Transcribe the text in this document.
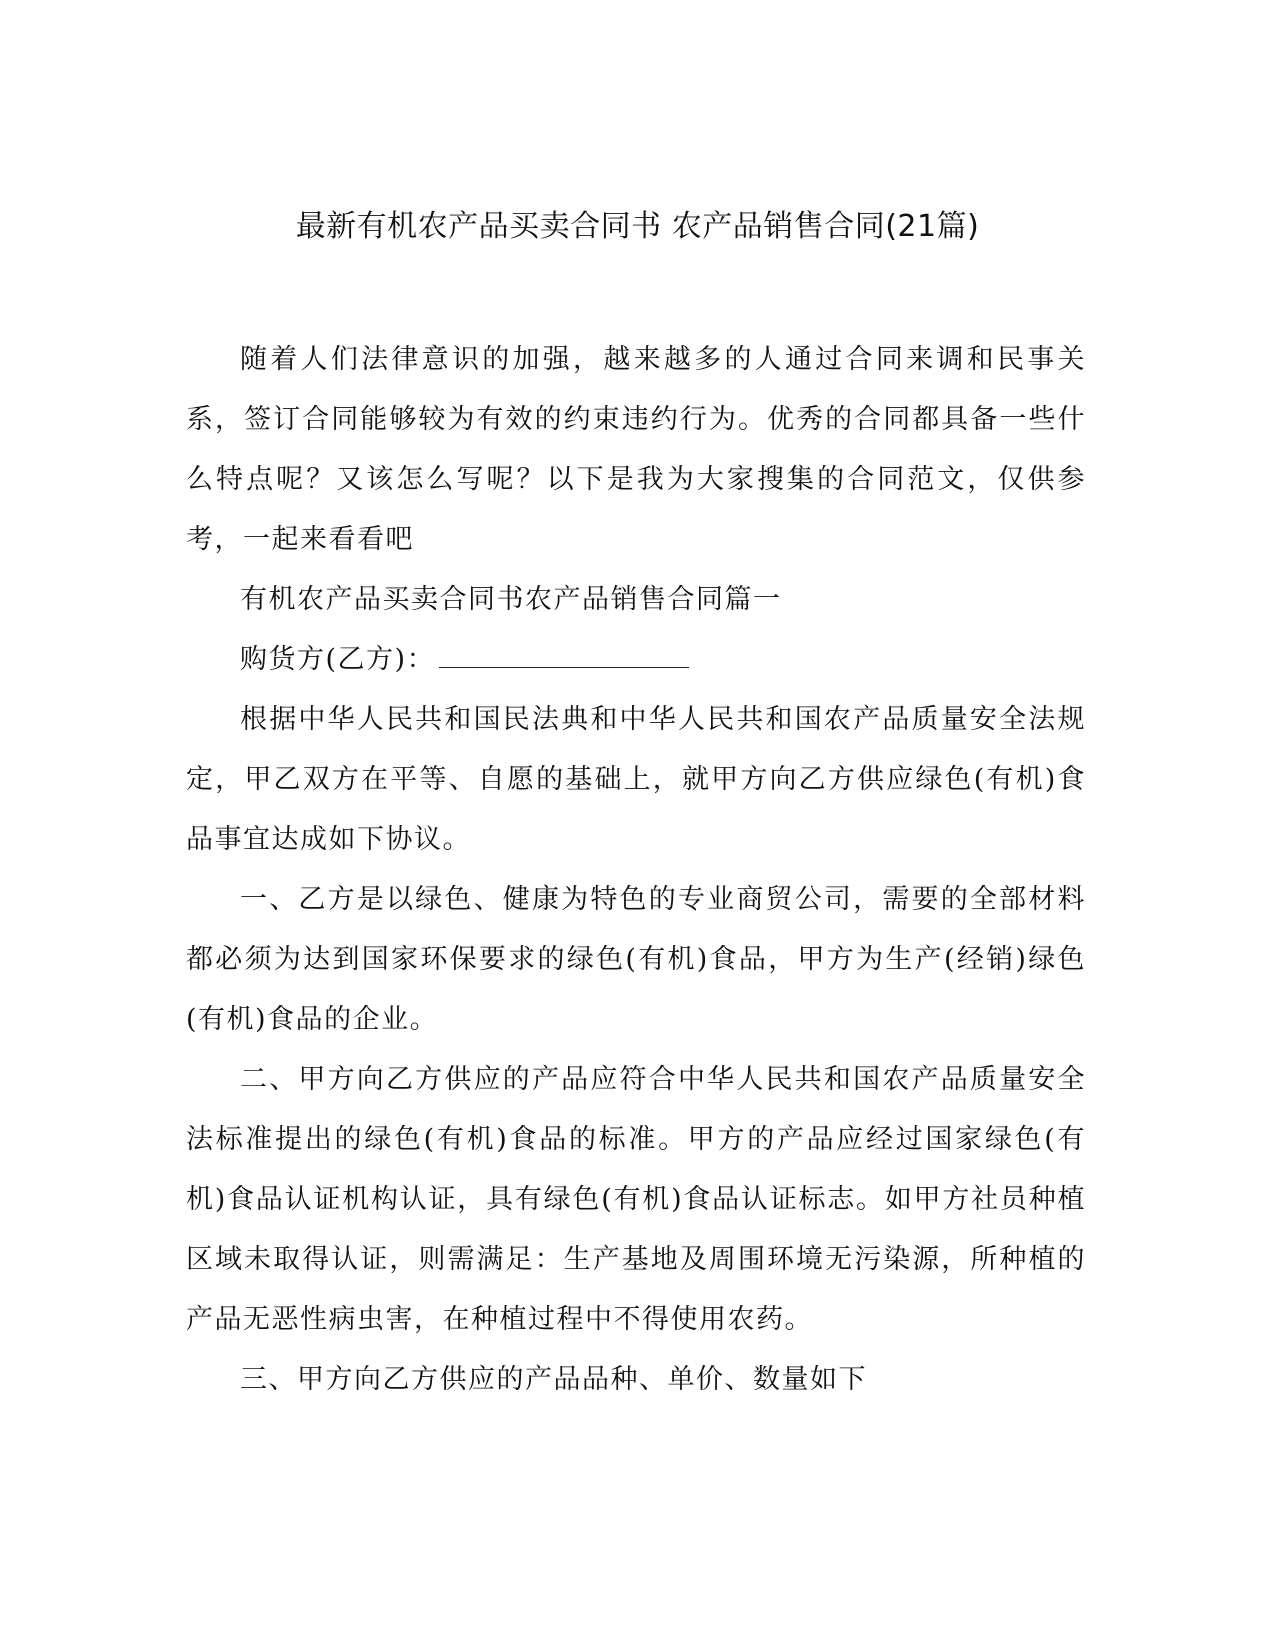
最新有机农产品买卖合同书 农产品销售合同(21篇)

随着人们法律意识的加强，越来越多的人通过合同来调和民事关系，签订合同能够较为有效的约束违约行为。优秀的合同都具备一些什么特点呢？又该怎么写呢？以下是我为大家搜集的合同范文，仅供参考，一起来看看吧

有机农产品买卖合同书农产品销售合同篇一

购货方(乙方)：

根据中华人民共和国民法典和中华人民共和国农产品质量安全法规定，甲乙双方在平等、自愿的基础上，就甲方向乙方供应绿色(有机)食品事宜达成如下协议。

一、乙方是以绿色、健康为特色的专业商贸公司，需要的全部材料都必须为达到国家环保要求的绿色(有机)食品，甲方为生产(经销)绿色(有机)食品的企业。

二、甲方向乙方供应的产品应符合中华人民共和国农产品质量安全法标准提出的绿色(有机)食品的标准。甲方的产品应经过国家绿色(有机)食品认证机构认证，具有绿色(有机)食品认证标志。如甲方社员种植区域未取得认证，则需满足：生产基地及周围环境无污染源，所种植的产品无恶性病虫害，在种植过程中不得使用农药。

三、甲方向乙方供应的产品品种、单价、数量如下
